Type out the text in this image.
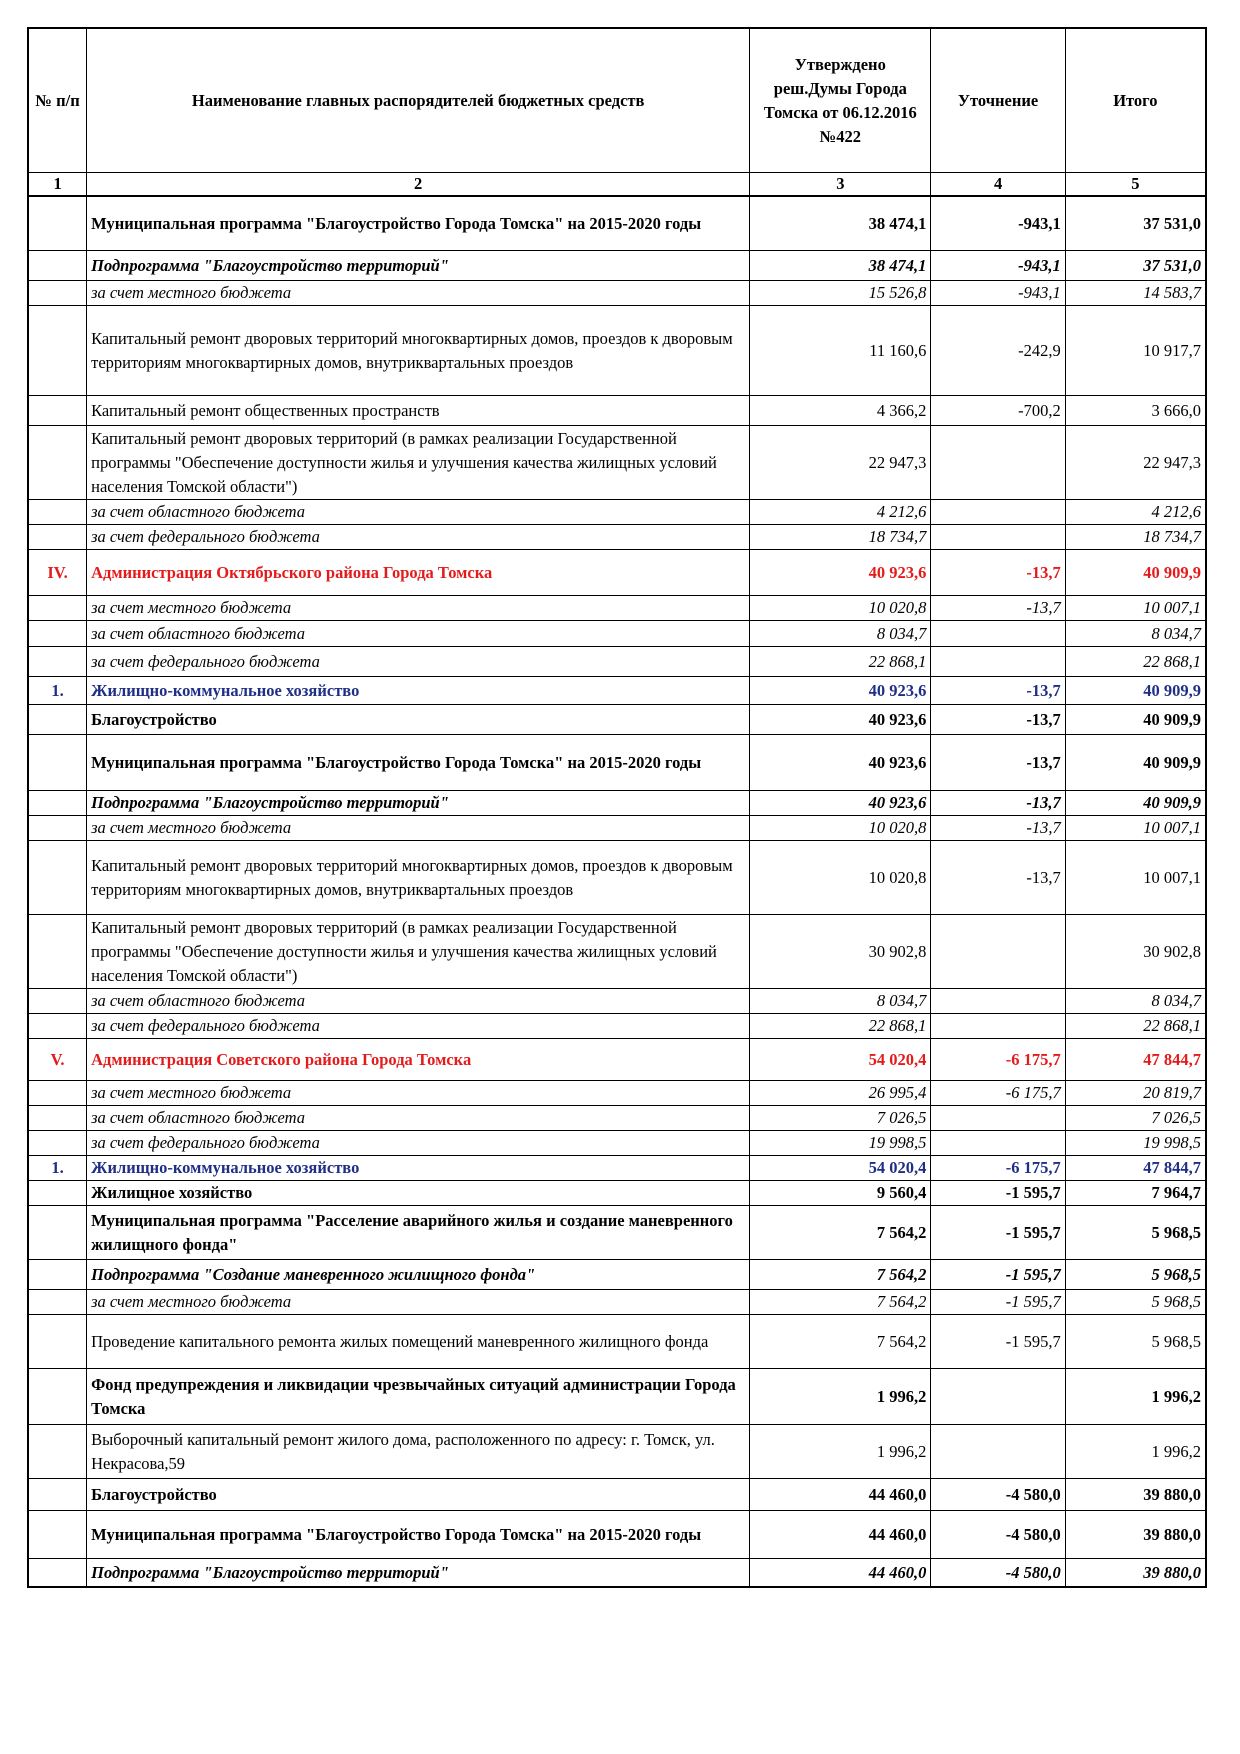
№ п/п	Наименование главных распорядителей бюджетных средств	Утверждено реш.Думы Города Томска от 06.12.2016 №422	Уточнение	Итого
1	2	3	4	5
	Муниципальная программа "Благоустройство Города Томска" на 2015-2020 годы	38 474,1	-943,1	37 531,0
	Подпрограмма "Благоустройство территорий"	38 474,1	-943,1	37 531,0
	за счет местного бюджета	15 526,8	-943,1	14 583,7
	Капитальный ремонт дворовых территорий многоквартирных домов, проездов к дворовым территориям многоквартирных домов, внутриквартальных проездов	11 160,6	-242,9	10 917,7
	Капитальный ремонт общественных пространств	4 366,2	-700,2	3 666,0
	Капитальный ремонт дворовых территорий (в рамках реализации Государственной программы "Обеспечение доступности жилья и улучшения качества жилищных условий населения Томской области")	22 947,3		22 947,3
	за счет областного бюджета	4 212,6		4 212,6
	за счет федерального бюджета	18 734,7		18 734,7
IV.	Администрация Октябрьского района Города Томска	40 923,6	-13,7	40 909,9
	за счет местного бюджета	10 020,8	-13,7	10 007,1
	за счет областного бюджета	8 034,7		8 034,7
	за счет федерального бюджета	22 868,1		22 868,1
1.	Жилищно-коммунальное хозяйство	40 923,6	-13,7	40 909,9
	Благоустройство	40 923,6	-13,7	40 909,9
	Муниципальная программа "Благоустройство Города Томска" на 2015-2020 годы	40 923,6	-13,7	40 909,9
	Подпрограмма "Благоустройство территорий"	40 923,6	-13,7	40 909,9
	за счет местного бюджета	10 020,8	-13,7	10 007,1
	Капитальный ремонт дворовых территорий многоквартирных домов, проездов к дворовым территориям многоквартирных домов, внутриквартальных проездов	10 020,8	-13,7	10 007,1
	Капитальный ремонт дворовых территорий (в рамках реализации Государственной программы "Обеспечение доступности жилья и улучшения качества жилищных условий населения Томской области")	30 902,8		30 902,8
	за счет областного бюджета	8 034,7		8 034,7
	за счет федерального бюджета	22 868,1		22 868,1
V.	Администрация Советского района Города Томска	54 020,4	-6 175,7	47 844,7
	за счет местного бюджета	26 995,4	-6 175,7	20 819,7
	за счет областного бюджета	7 026,5		7 026,5
	за счет федерального бюджета	19 998,5		19 998,5
1.	Жилищно-коммунальное хозяйство	54 020,4	-6 175,7	47 844,7
	Жилищное хозяйство	9 560,4	-1 595,7	7 964,7
	Муниципальная программа "Расселение аварийного жилья и создание маневренного жилищного фонда"	7 564,2	-1 595,7	5 968,5
	Подпрограмма "Создание маневренного жилищного фонда"	7 564,2	-1 595,7	5 968,5
	за счет местного бюджета	7 564,2	-1 595,7	5 968,5
	Проведение капитального ремонта жилых помещений маневренного жилищного фонда	7 564,2	-1 595,7	5 968,5
	Фонд предупреждения и ликвидации чрезвычайных ситуаций администрации Города Томска	1 996,2		1 996,2
	Выборочный капитальный ремонт жилого дома, расположенного по адресу: г. Томск, ул. Некрасова,59	1 996,2		1 996,2
	Благоустройство	44 460,0	-4 580,0	39 880,0
	Муниципальная программа "Благоустройство Города Томска" на 2015-2020 годы	44 460,0	-4 580,0	39 880,0
	Подпрограмма "Благоустройство территорий"	44 460,0	-4 580,0	39 880,0
